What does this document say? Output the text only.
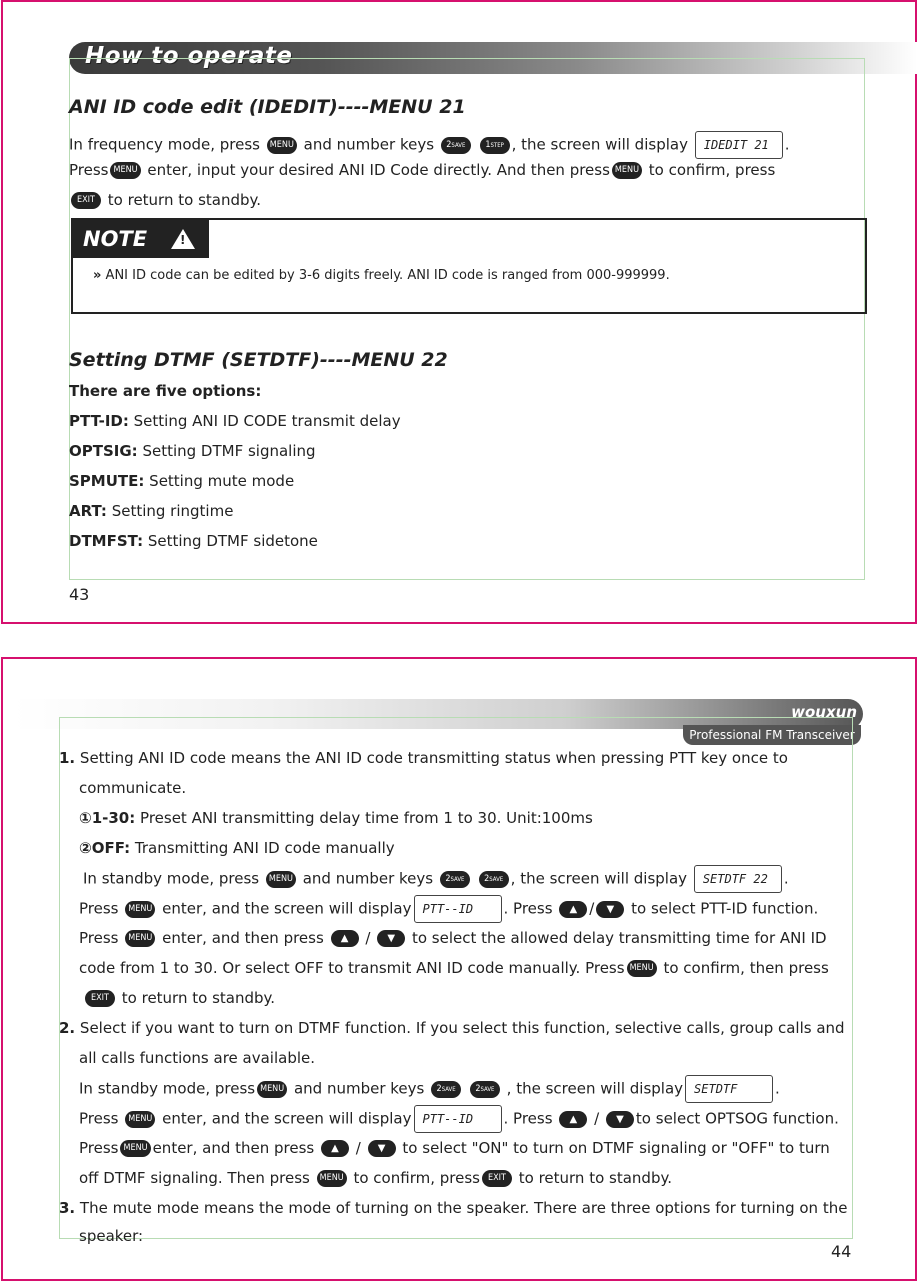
How to operate
ANI ID code edit (IDEDIT)----MENU 21
In frequency mode, press MENU and number keys 2SAVE 1STEP , the screen will display IDEDIT 21 .
Press MENU enter, input your desired ANI ID Code directly. And then press MENU to confirm, press
EXIT to return to standby.
NOTE	!
» ANI ID code can be edited by 3-6 digits freely. ANI ID code is ranged from 000-999999.
Setting DTMF (SETDTF)----MENU 22
There are five options:
PTT-ID: Setting ANI ID CODE transmit delay
OPTSIG: Setting DTMF signaling
SPMUTE: Setting mute mode
ART: Setting ringtime
DTMFST: Setting DTMF sidetone
43
wouxun
Professional FM Transceiver
1. Setting ANI ID code means the ANI ID code transmitting status when pressing PTT key once to
communicate.
①1-30: Preset ANI transmitting delay time from 1 to 30. Unit:100ms
②OFF: Transmitting ANI ID code manually
In standby mode, press MENU and number keys 2SAVE 2SAVE , the screen will display SETDTF 22 .
Press MENU enter, and the screen will display PTT--ID . Press ▲ / ▼ to select PTT-ID function.
Press MENU enter, and then press ▲ / ▼ to select the allowed delay transmitting time for ANI ID
code from 1 to 30. Or select OFF to transmit ANI ID code manually. Press MENU to confirm, then press
EXIT to return to standby.
2. Select if you want to turn on DTMF function. If you select this function, selective calls, group calls and
all calls functions are available.
In standby mode, press MENU and number keys 2SAVE 2SAVE , the screen will display SETDTF	.
Press MENU enter, and the screen will display PTT--ID . Press ▲ / ▼ to select OPTSOG function.
Press MENU enter, and then press ▲ / ▼ to select "ON" to turn on DTMF signaling or "OFF" to turn
off DTMF signaling. Then press MENU to confirm, press EXIT to return to standby.
3. The mute mode means the mode of turning on the speaker. There are three options for turning on the
speaker:
44
